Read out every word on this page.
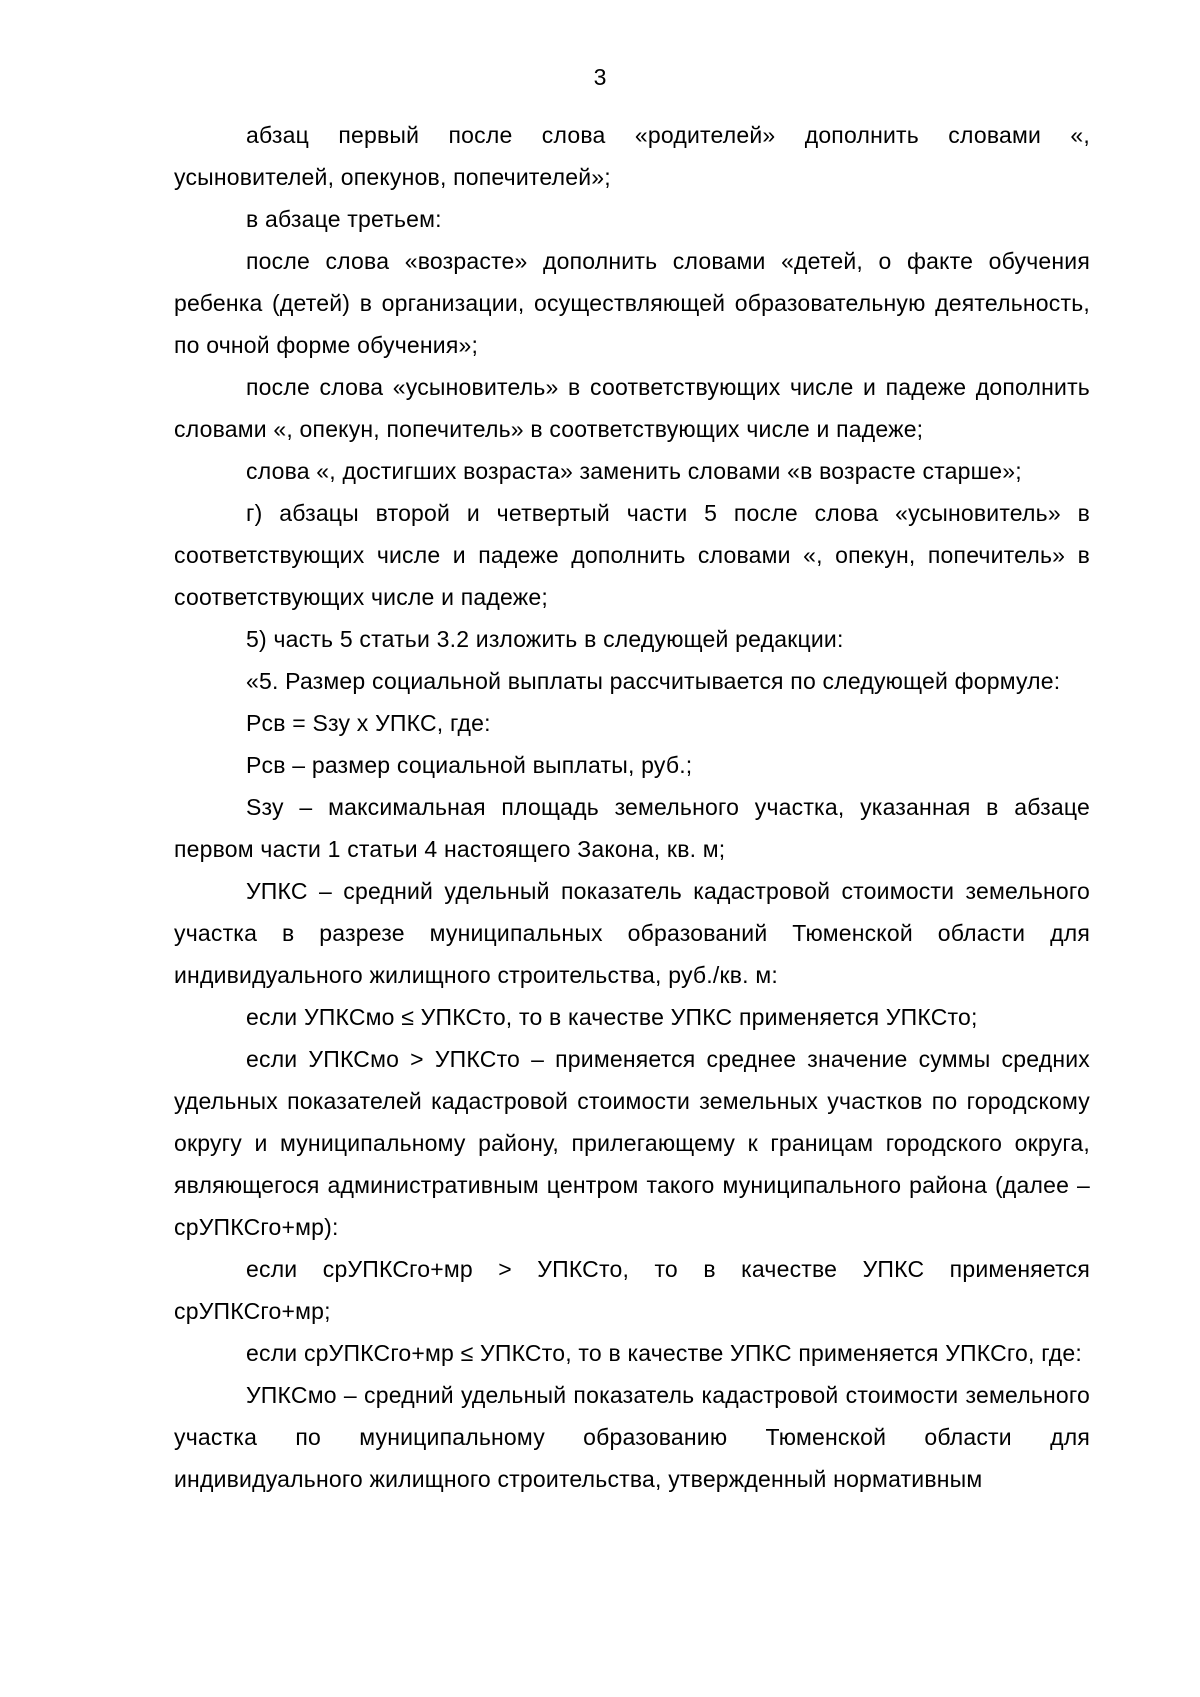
3

абзац первый после слова «родителей» дополнить словами «, усыновителей, опекунов, попечителей»;

в абзаце третьем:

после слова «возрасте» дополнить словами «детей, о факте обучения ребенка (детей) в организации, осуществляющей образовательную деятельность, по очной форме обучения»;

после слова «усыновитель» в соответствующих числе и падеже дополнить словами «, опекун, попечитель» в соответствующих числе и падеже;

слова «, достигших возраста» заменить словами «в возрасте старше»;

г) абзацы второй и четвертый части 5 после слова «усыновитель» в соответствующих числе и падеже дополнить словами «, опекун, попечитель» в соответствующих числе и падеже;

5) часть 5 статьи 3.2 изложить в следующей редакции:

«5. Размер социальной выплаты рассчитывается по следующей формуле:

Рсв = Sзу х УПКС, где:

Рсв – размер социальной выплаты, руб.;

Sзу – максимальная площадь земельного участка, указанная в абзаце первом части 1 статьи 4 настоящего Закона, кв. м;

УПКС – средний удельный показатель кадастровой стоимости земельного участка в разрезе муниципальных образований Тюменской области для индивидуального жилищного строительства, руб./кв. м:

если УПКСмо ≤ УПКСто, то в качестве УПКС применяется УПКСто;

если УПКСмо > УПКСто – применяется среднее значение суммы средних удельных показателей кадастровой стоимости земельных участков по городскому округу и муниципальному району, прилегающему к границам городского округа, являющегося административным центром такого муниципального района (далее – срУПКСго+мр):

если срУПКСго+мр > УПКСто, то в качестве УПКС применяется срУПКСго+мр;

если срУПКСго+мр ≤ УПКСто, то в качестве УПКС применяется УПКСго, где:

УПКСмо – средний удельный показатель кадастровой стоимости земельного участка по муниципальному образованию Тюменской области для индивидуального жилищного строительства, утвержденный нормативным
